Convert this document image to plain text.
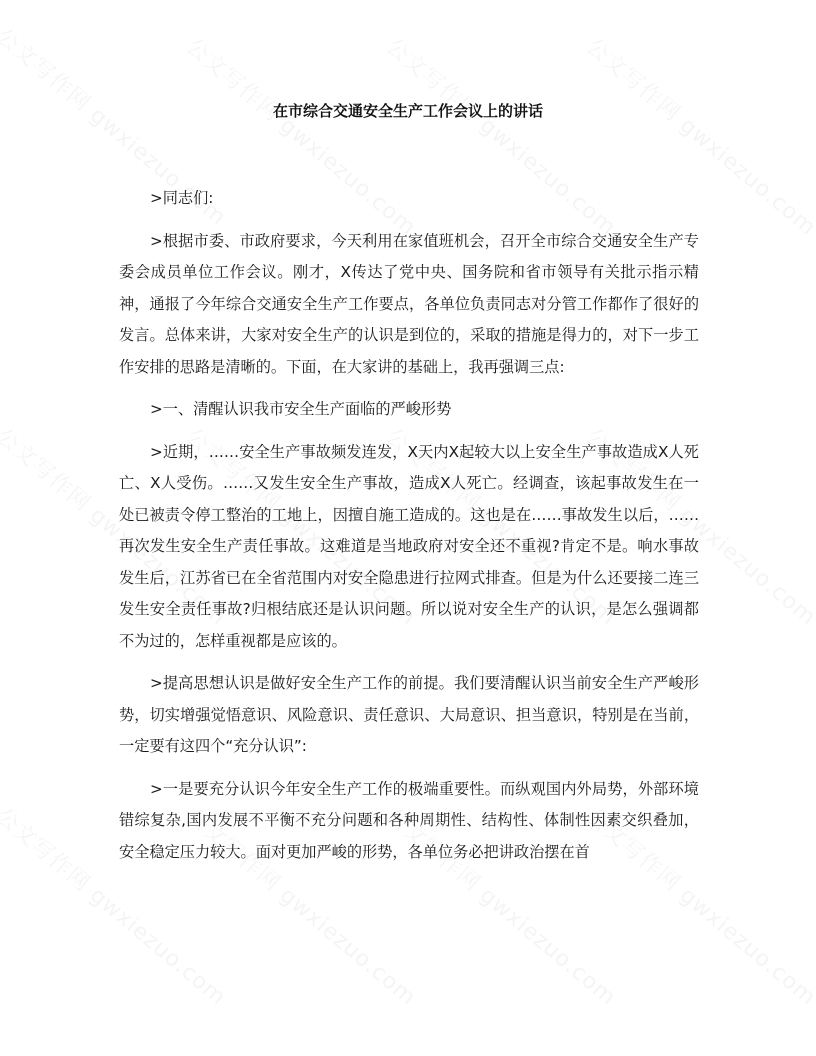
在市综合交通安全生产工作会议上的讲话

>同志们:

>根据市委、市政府要求，今天利用在家值班机会，召开全市综合交通安全生产专委会成员单位工作会议。刚才，X传达了党中央、国务院和省市领导有关批示指示精神，通报了今年综合交通安全生产工作要点，各单位负责同志对分管工作都作了很好的发言。总体来讲，大家对安全生产的认识是到位的，采取的措施是得力的，对下一步工作安排的思路是清晰的。下面，在大家讲的基础上，我再强调三点:

>一、清醒认识我市安全生产面临的严峻形势

>近期，……安全生产事故频发连发，X天内X起较大以上安全生产事故造成X人死亡、X人受伤。……又发生安全生产事故，造成X人死亡。经调查，该起事故发生在一处已被责令停工整治的工地上，因擅自施工造成的。这也是在……事故发生以后，……再次发生安全生产责任事故。这难道是当地政府对安全还不重视?肯定不是。响水事故发生后，江苏省已在全省范围内对安全隐患进行拉网式排查。但是为什么还要接二连三发生安全责任事故?归根结底还是认识问题。所以说对安全生产的认识，是怎么强调都不为过的，怎样重视都是应该的。

>提高思想认识是做好安全生产工作的前提。我们要清醒认识当前安全生产严峻形势，切实增强觉悟意识、风险意识、责任意识、大局意识、担当意识，特别是在当前，一定要有这四个“充分认识”:

>一是要充分认识今年安全生产工作的极端重要性。而纵观国内外局势，外部环境错综复杂,国内发展不平衡不充分问题和各种周期性、结构性、体制性因素交织叠加，安全稳定压力较大。面对更加严峻的形势，各单位务必把讲政治摆在首
